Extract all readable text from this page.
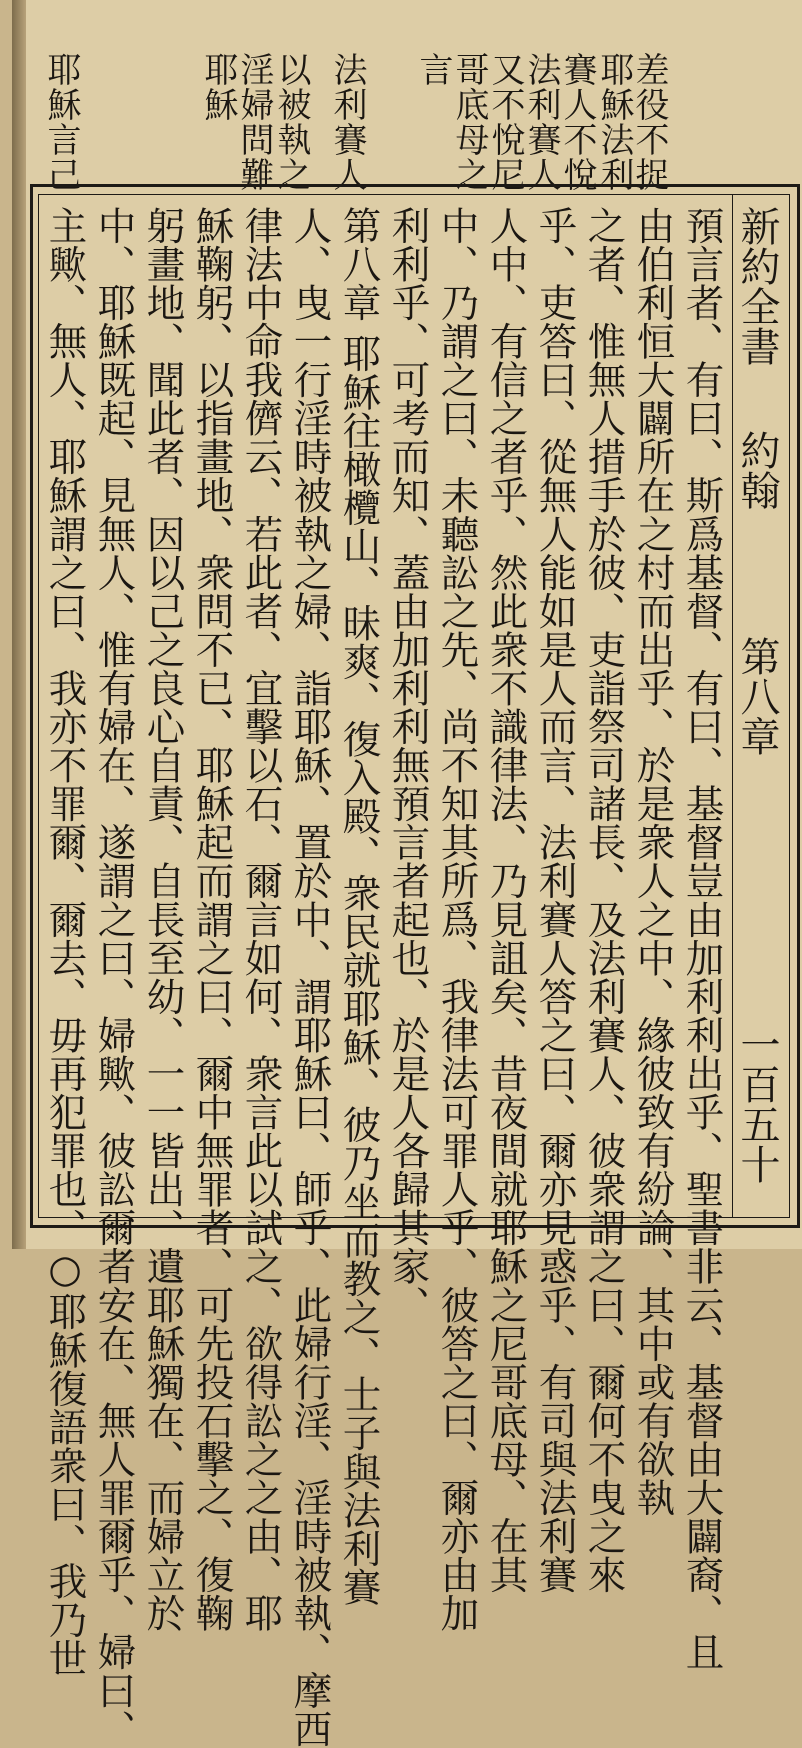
差役不捉
耶穌法利
賽人不悅
法利賽人
又不悅尼
哥底母之
言
法利賽人
以被執之
淫婦問難
耶穌
耶穌言己
新約全書
約翰
第八章
一百五十
預言者、有曰、斯爲基督、有曰、基督豈由加利利出乎、聖書非云、基督由大闢裔、且
由伯利恒大闢所在之村而出乎、於是衆人之中、緣彼致有紛論、其中或有欲執
之者、惟無人措手於彼、吏詣祭司諸長、及法利賽人、彼衆謂之曰、爾何不曳之來
乎、吏答曰、從無人能如是人而言、法利賽人答之曰、爾亦見惑乎、有司與法利賽
人中、有信之者乎、然此衆不識律法、乃見詛矣、昔夜間就耶穌之尼哥底母、在其
中、乃謂之曰、未聽訟之先、尚不知其所爲、我律法可罪人乎、彼答之曰、爾亦由加
利利乎、可考而知、蓋由加利利無預言者起也、於是人各歸其家、
第八章 耶穌往橄欖山、昧爽、復入殿、衆民就耶穌、彼乃坐而教之、士子與法利賽
人、曳一行淫時被執之婦、詣耶穌、置於中、謂耶穌曰、師乎、此婦行淫、淫時被執、摩西
律法中命我儕云、若此者、宜擊以石、爾言如何、衆言此以試之、欲得訟之之由、耶
穌鞠躬、以指畫地、衆問不已、耶穌起而謂之曰、爾中無罪者、可先投石擊之、復鞠
躬畫地、聞此者、因以己之良心自責、自長至幼、一一皆出、遺耶穌獨在、而婦立於
中、耶穌既起、見無人、惟有婦在、遂謂之曰、婦歟、彼訟爾者安在、無人罪爾乎、婦曰、
主歟、無人、耶穌謂之曰、我亦不罪爾、爾去、毋再犯罪也、○耶穌復語衆曰、我乃世
